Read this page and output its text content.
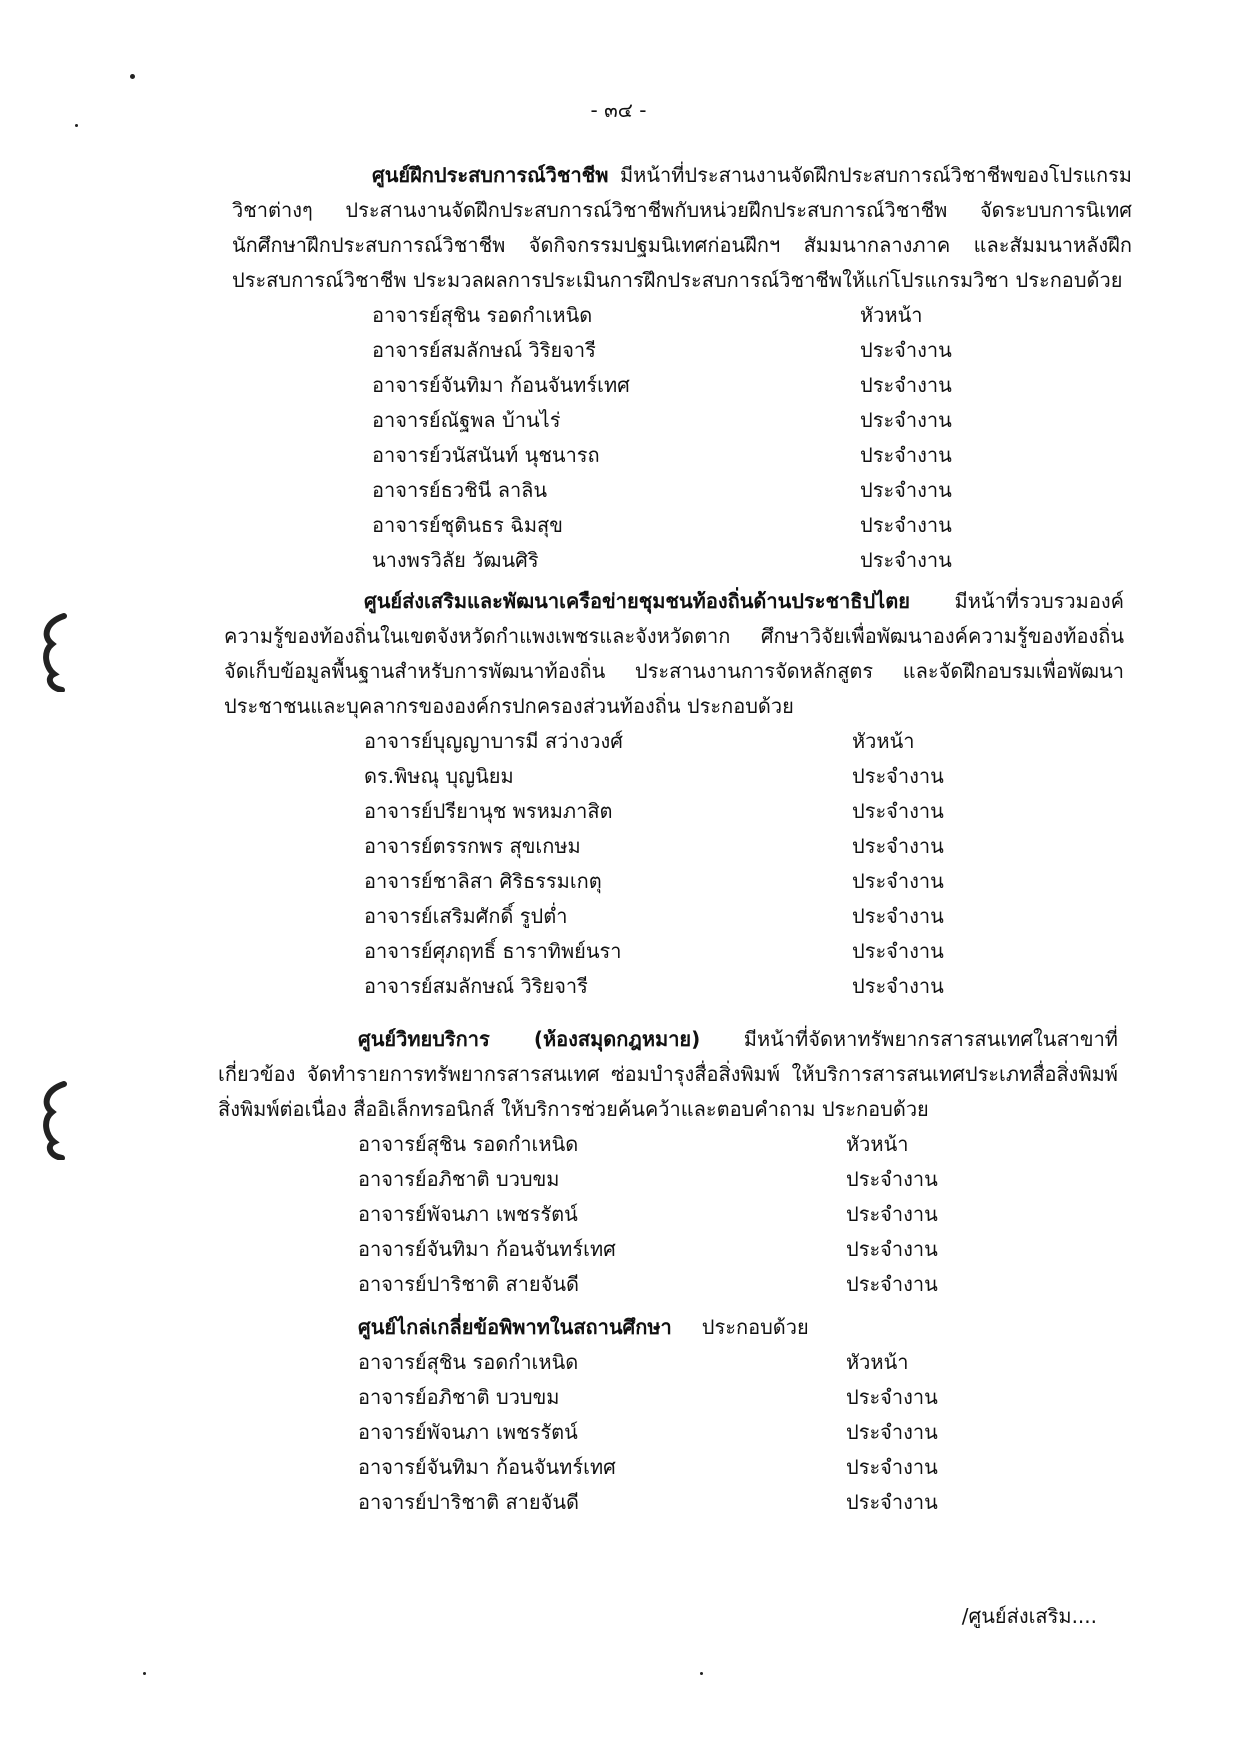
- ๓๔ -
ศูนย์ฝึกประสบการณ์วิชาชีพ มีหน้าที่ประสานงานจัดฝึกประสบการณ์วิชาชีพของโปรแกรมวิชาต่างๆ ประสานงานจัดฝึกประสบการณ์วิชาชีพกับหน่วยฝึกประสบการณ์วิชาชีพ จัดระบบการนิเทศนักศึกษาฝึกประสบการณ์วิชาชีพ จัดกิจกรรมปฐมนิเทศก่อนฝึกฯ สัมมนากลางภาค และสัมมนาหลังฝึกประสบการณ์วิชาชีพ ประมวลผลการประเมินการฝึกประสบการณ์วิชาชีพให้แก่โปรแกรมวิชา ประกอบด้วย
อาจารย์สุชิน รอดกำเหนิด	หัวหน้า
อาจารย์สมลักษณ์ วิริยจารี	ประจำงาน
อาจารย์จันทิมา ก้อนจันทร์เทศ	ประจำงาน
อาจารย์ณัฐพล บ้านไร่	ประจำงาน
อาจารย์วนัสนันท์ นุชนารถ	ประจำงาน
อาจารย์ธวชินี ลาลิน	ประจำงาน
อาจารย์ชุตินธร ฉิมสุข	ประจำงาน
นางพรวิลัย วัฒนศิริ	ประจำงาน
ศูนย์ส่งเสริมและพัฒนาเครือข่ายชุมชนท้องถิ่นด้านประชาธิปไตย มีหน้าที่รวบรวมองค์ความรู้ของท้องถิ่นในเขตจังหวัดกำแพงเพชรและจังหวัดตาก ศึกษาวิจัยเพื่อพัฒนาองค์ความรู้ของท้องถิ่น จัดเก็บข้อมูลพื้นฐานสำหรับการพัฒนาท้องถิ่น ประสานงานการจัดหลักสูตร และจัดฝึกอบรมเพื่อพัฒนาประชาชนและบุคลากรขององค์กรปกครองส่วนท้องถิ่น ประกอบด้วย
อาจารย์บุญญาบารมี สว่างวงศ์	หัวหน้า
ดร.พิษณุ บุญนิยม	ประจำงาน
อาจารย์ปรียานุช พรหมภาสิต	ประจำงาน
อาจารย์ตรรกพร สุขเกษม	ประจำงาน
อาจารย์ชาลิสา ศิริธรรมเกตุ	ประจำงาน
อาจารย์เสริมศักดิ์ รูปต่ำ	ประจำงาน
อาจารย์ศุภฤทธิ์ ธาราทิพย์นรา	ประจำงาน
อาจารย์สมลักษณ์ วิริยจารี	ประจำงาน
ศูนย์วิทยบริการ (ห้องสมุดกฎหมาย) มีหน้าที่จัดหาทรัพยากรสารสนเทศในสาขาที่เกี่ยวข้อง จัดทำรายการทรัพยากรสารสนเทศ ซ่อมบำรุงสื่อสิ่งพิมพ์ ให้บริการสารสนเทศประเภทสื่อสิ่งพิมพ์ สิ่งพิมพ์ต่อเนื่อง สื่ออิเล็กทรอนิกส์ ให้บริการช่วยค้นคว้าและตอบคำถาม ประกอบด้วย
อาจารย์สุชิน รอดกำเหนิด	หัวหน้า
อาจารย์อภิชาติ บวบขม	ประจำงาน
อาจารย์พัจนภา เพชรรัตน์	ประจำงาน
อาจารย์จันทิมา ก้อนจันทร์เทศ	ประจำงาน
อาจารย์ปาริชาติ สายจันดี	ประจำงาน
ศูนย์ไกล่เกลี่ยข้อพิพาทในสถานศึกษา ประกอบด้วย
อาจารย์สุชิน รอดกำเหนิด	หัวหน้า
อาจารย์อภิชาติ บวบขม	ประจำงาน
อาจารย์พัจนภา เพชรรัตน์	ประจำงาน
อาจารย์จันทิมา ก้อนจันทร์เทศ	ประจำงาน
อาจารย์ปาริชาติ สายจันดี	ประจำงาน
/ศูนย์ส่งเสริม....
